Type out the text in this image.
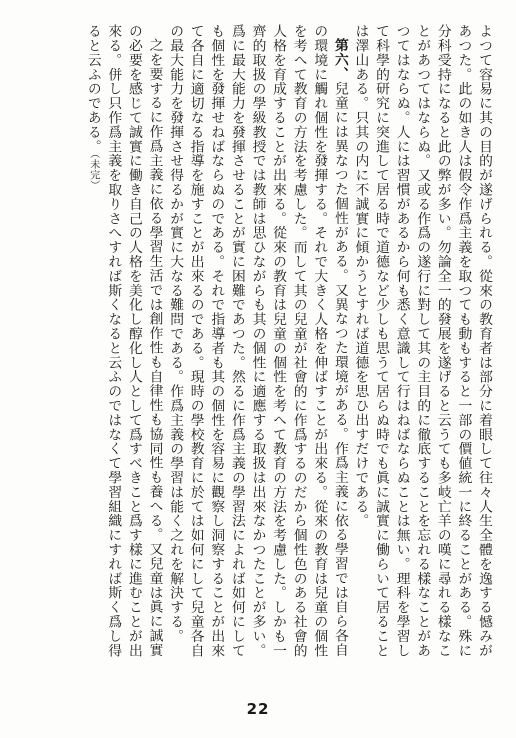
よつて容易に其の目的が遂げられる。從來の教育者は部分に着眼して往々人生全體を逸する憾みがあつた。此の如き人は假令作爲主義を取つても動もすると一部の價値統一に終ることがある。殊に分科受持になると此の弊が多い。勿論全一的發展を遂げると云うても多岐亡羊の嘆に尋れる樣なことがあつてはならぬ。又或る作爲の遂行に對して其の主目的に徹底することを忘れる樣なことがあつてはならぬ。人には習慣があるから何も悉く意識して行はねばならぬことは無い。理科を學習して科學的研究に突進して居る時で道德など少しも思うて居らぬ時でも眞に誠實に働らいて居ることは澤山ある。只其の内に不誠實に傾かうとすれば道德を思ひ出すだけである。

第六、兒童には異なつた個性がある。又異なつた環境がある。作爲主義に依る學習では自ら各自の環境に觸れ個性を發揮する。それで大きく人格を伸ばすことが出來る。從來の教育は兒童の個性を考へて教育の方法を考慮した。而して其の兒童が社會的に作爲するのだから個性色のある社會的人格を育成することが出來る。從來の教育は兒童の個性を考へて教育の方法を考慮した。しかも一齊的取扱の學級教授では教師は思ひながらも其の個性に適應する取扱は出來なかつたことが多い。爲に最大能力を發揮させることが實に困難であつた。然るに作爲主義の學習法によれば如何にしても個性を發揮せねばならぬのである。それで指導者も其の個性を容易に觀察し洞察することが出來て各自に適切なる指導を施すことが出來るのである。現時の學校教育に於ては如何にして兒童各自の最大能力を發揮させ得るかが實に大なる難問である。作爲主義の學習は能く之れを解決する。

之を要するに作爲主義に依る學習生活では創作性も自律性も協同性も養へる。又兒童は眞に誠實の必要を感じて誠實に働き自己の人格を美化し醇化し人として爲すべきこと爲す樣に進むことが出來る。併し只作爲主義を取りさへすれば斯くなると云ふのではなくて學習組織にすれば斯く爲し得ると云ふのである。（未完）

22
